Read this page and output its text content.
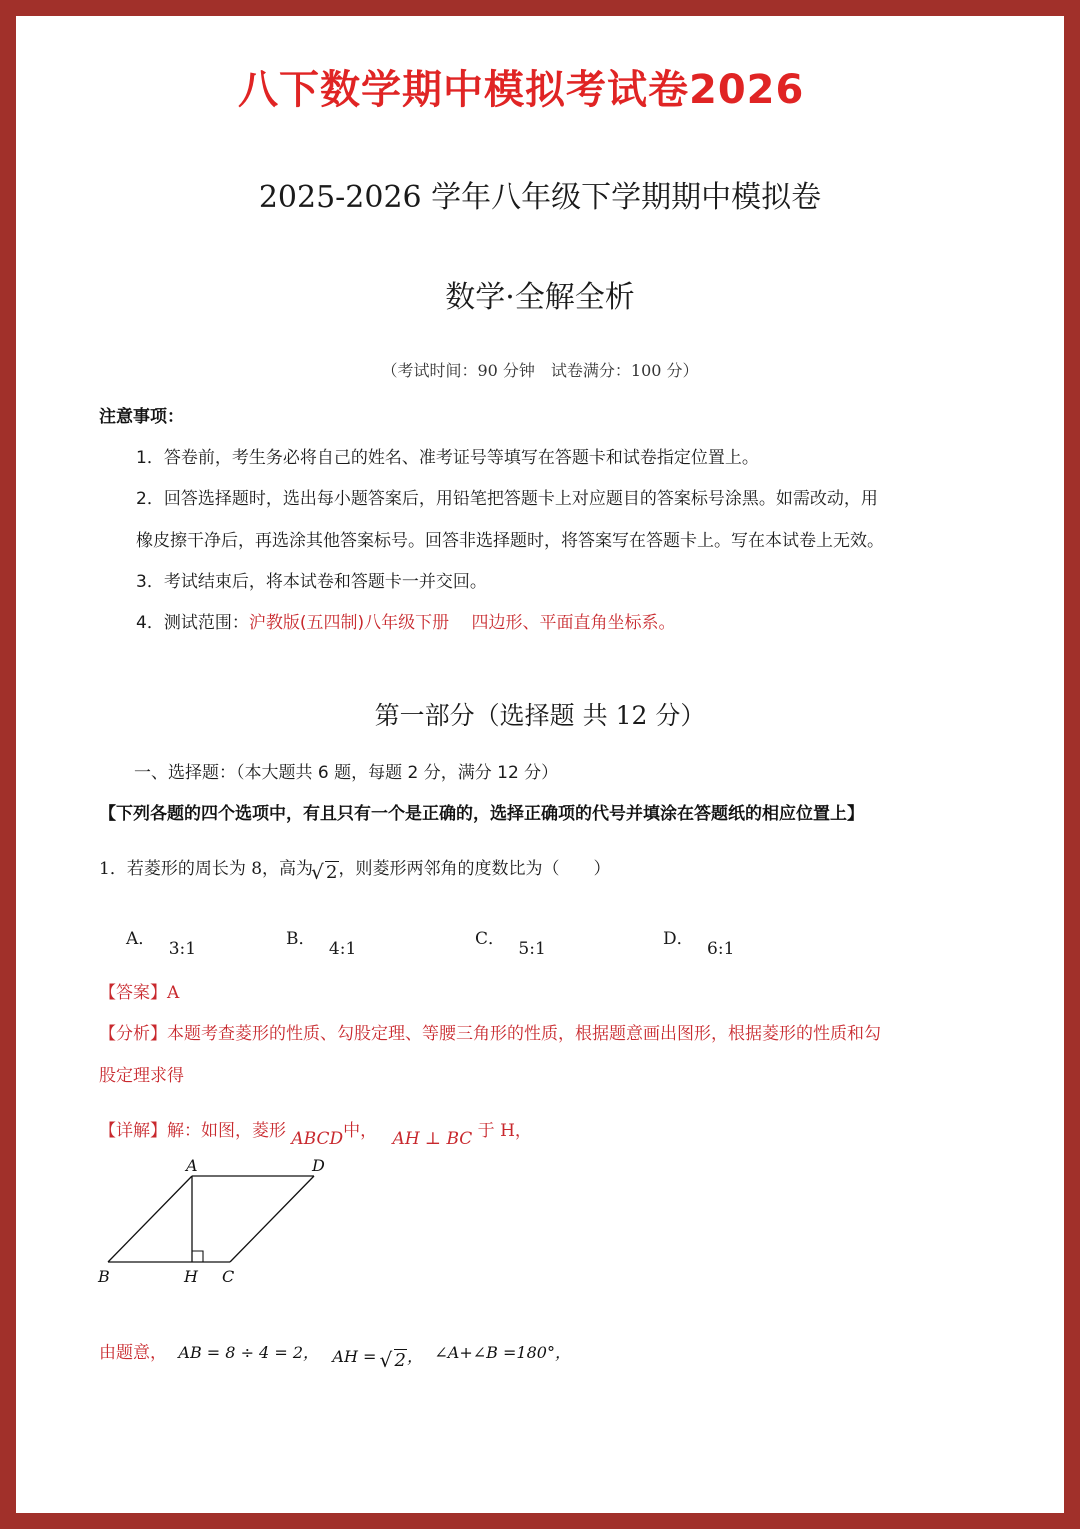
八下数学期中模拟考试卷2026
2025-2026 学年八年级下学期期中模拟卷
数学·全解全析
（考试时间：90 分钟　试卷满分：100 分）
注意事项：
1．答卷前，考生务必将自己的姓名、准考证号等填写在答题卡和试卷指定位置上。
2．回答选择题时，选出每小题答案后，用铅笔把答题卡上对应题目的答案标号涂黑。如需改动，用
橡皮擦干净后，再选涂其他答案标号。回答非选择题时，将答案写在答题卡上。写在本试卷上无效。
3．考试结束后，将本试卷和答题卡一并交回。
4．测试范围：沪教版(五四制)八年级下册　 四边形、平面直角坐标系。
第一部分（选择题 共 12 分）
一、选择题：（本大题共 6 题，每题 2 分，满分 12 分）
【下列各题的四个选项中，有且只有一个是正确的，选择正确项的代号并填涂在答题纸的相应位置上】
1．若菱形的周长为 8，高为 √ 2，则菱形两邻角的度数比为（　　）
A． 3:1	B． 4:1	C． 5:1	D． 6:1
【答案】A
【分析】本题考查菱形的性质、勾股定理、等腰三角形的性质，根据题意画出图形，根据菱形的性质和勾
股定理求得
【详解】解：如图，菱形 ABCD中， AH ⊥ BC 于 H，
A	D
B	H C
由题意， AB = 8 ÷ 4 = 2， AH = √ 2， ∠A+∠B =180°，
